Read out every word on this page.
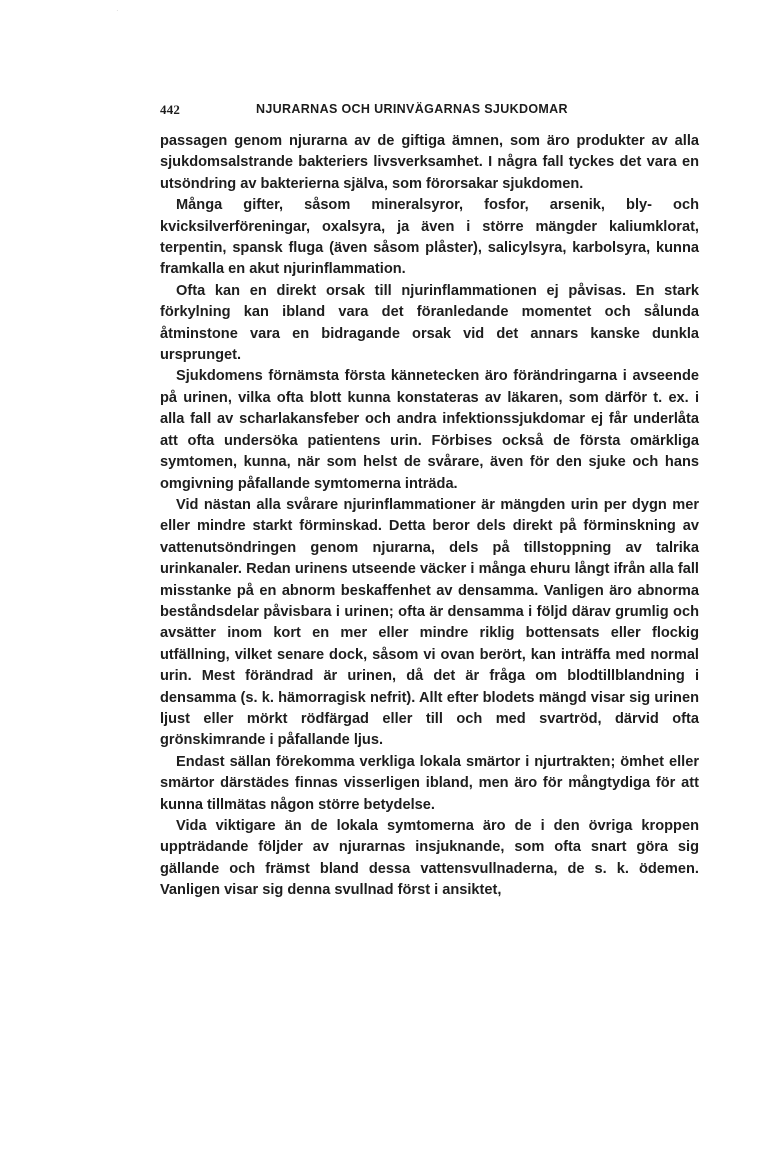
·
442	NJURARNAS OCH URINVÄGARNAS SJUKDOMAR

passagen genom njurarna av de giftiga ämnen, som äro produkter av alla sjukdomsalstrande bakteriers livsverksamhet. I några fall tyckes det vara en utsöndring av bakterierna själva, som förorsakar sjukdomen.

Många gifter, såsom mineralsyror, fosfor, arsenik, bly- och kvicksilverföreningar, oxalsyra, ja även i större mängder kaliumklorat, terpentin, spansk fluga (även såsom plåster), salicylsyra, karbolsyra, kunna framkalla en akut njurinflammation.

Ofta kan en direkt orsak till njurinflammationen ej påvisas. En stark förkylning kan ibland vara det föranledande momentet och sålunda åtminstone vara en bidragande orsak vid det annars kanske dunkla ursprunget.

Sjukdomens förnämsta första kännetecken äro förändringarna i avseende på urinen, vilka ofta blott kunna konstateras av läkaren, som därför t. ex. i alla fall av scharlakansfeber och andra infektionssjukdomar ej får underlåta att ofta undersöka patientens urin. Förbises också de första omärkliga symtomen, kunna, när som helst de svårare, även för den sjuke och hans omgivning påfallande symtomerna inträda.

Vid nästan alla svårare njurinflammationer är mängden urin per dygn mer eller mindre starkt förminskad. Detta beror dels direkt på förminskning av vattenutsöndringen genom njurarna, dels på tillstoppning av talrika urinkanaler. Redan urinens utseende väcker i många ehuru långt ifrån alla fall misstanke på en abnorm beskaffenhet av densamma. Vanligen äro abnorma beståndsdelar påvisbara i urinen; ofta är densamma i följd därav grumlig och avsätter inom kort en mer eller mindre riklig bottensats eller flockig utfällning, vilket senare dock, såsom vi ovan berört, kan inträffa med normal urin. Mest förändrad är urinen, då det är fråga om blodtillblandning i densamma (s. k. hämorragisk nefrit). Allt efter blodets mängd visar sig urinen ljust eller mörkt rödfärgad eller till och med svartröd, därvid ofta grönskimrande i påfallande ljus.

Endast sällan förekomma verkliga lokala smärtor i njurtrakten; ömhet eller smärtor därstädes finnas visserligen ibland, men äro för mångtydiga för att kunna tillmätas någon större betydelse.

Vida viktigare än de lokala symtomerna äro de i den övriga kroppen uppträdande följder av njurarnas insjuknande, som ofta snart göra sig gällande och främst bland dessa vattensvullnaderna, de s. k. ödemen. Vanligen visar sig denna svullnad först i ansiktet,
